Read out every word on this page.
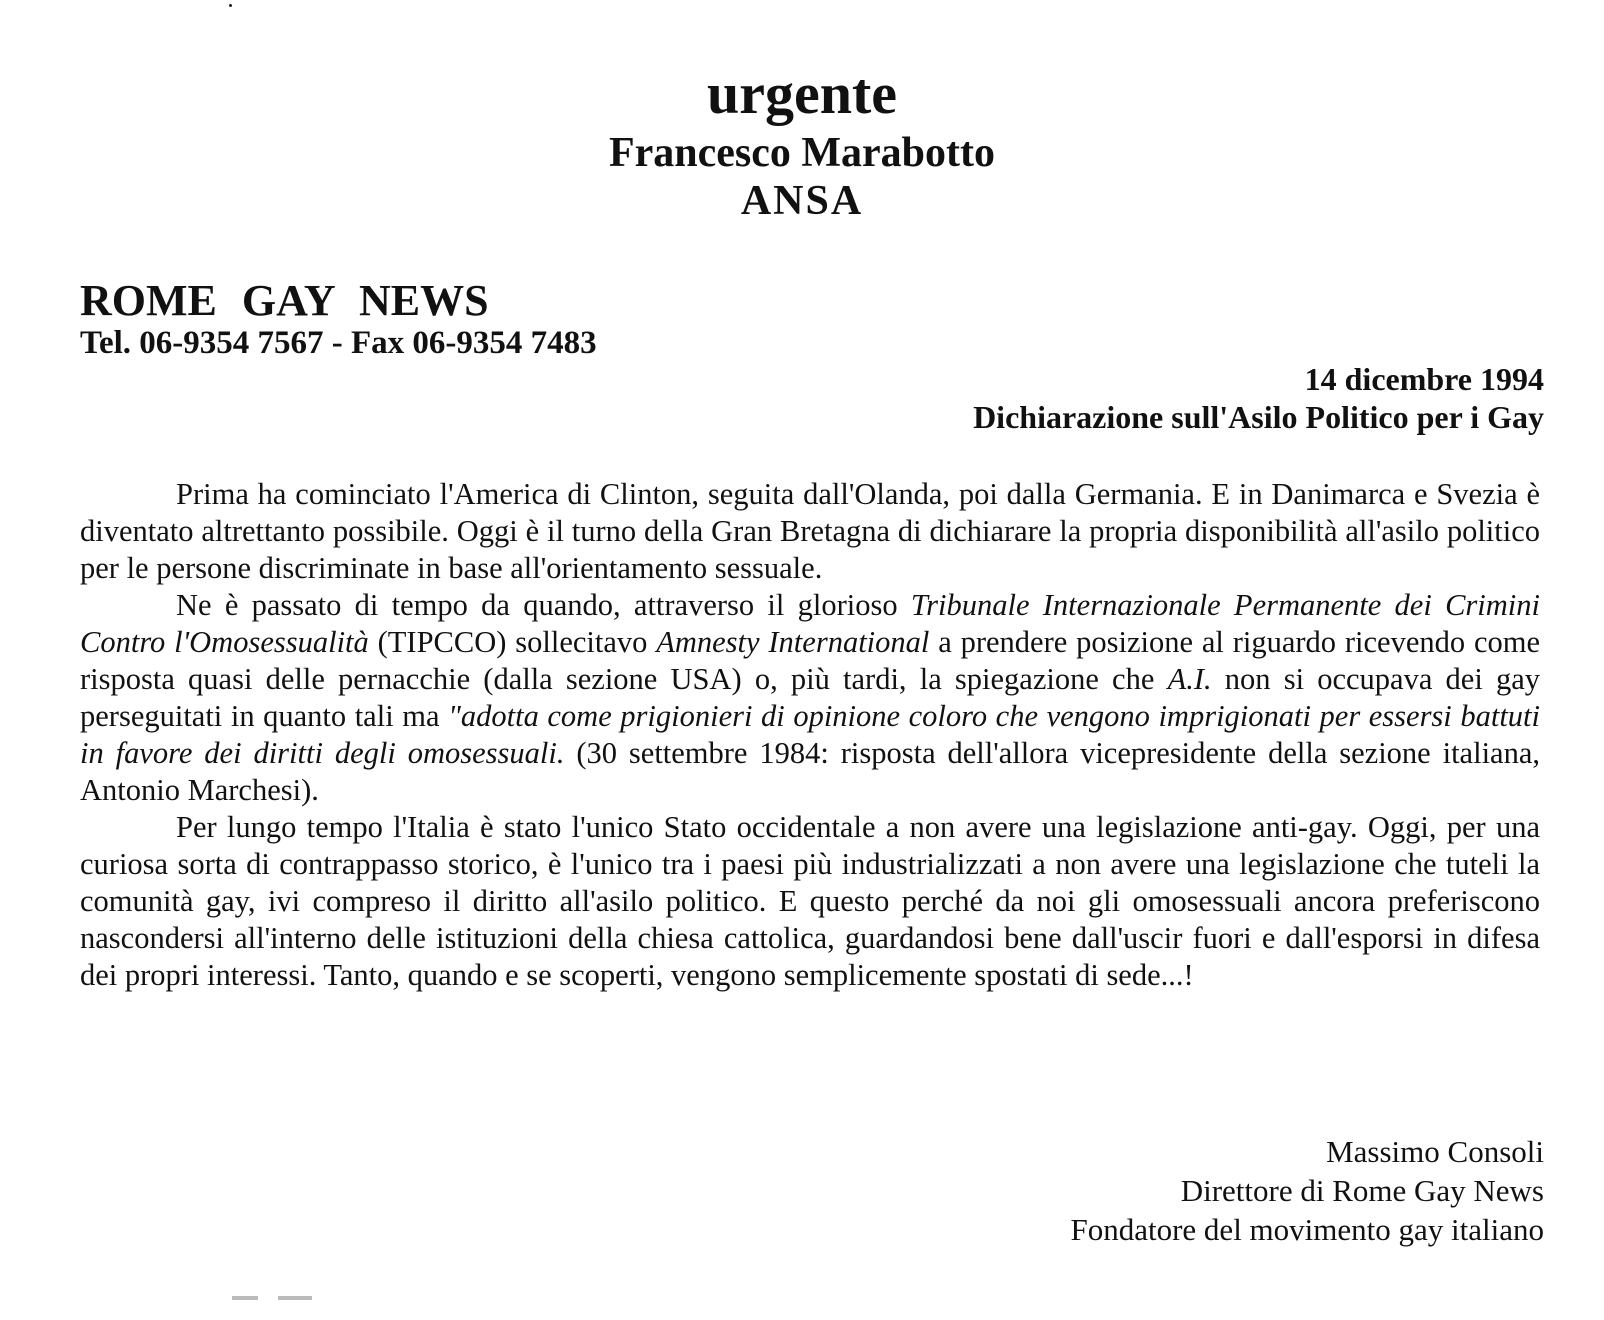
urgente
Francesco Marabotto
ANSA
ROME GAY NEWS
Tel. 06-9354 7567 - Fax 06-9354 7483
14 dicembre 1994
Dichiarazione sull'Asilo Politico per i Gay

Prima ha cominciato l'America di Clinton, seguita dall'Olanda, poi dalla Germania. E in Danimarca e Svezia è diventato altrettanto possibile. Oggi è il turno della Gran Bretagna di dichiarare la propria disponibilità all'asilo politico per le persone discriminate in base all'orientamento sessuale.

Ne è passato di tempo da quando, attraverso il glorioso Tribunale Internazionale Permanente dei Crimini Contro l'Omosessualità (TIPCCO) sollecitavo Amnesty International a prendere posizione al riguardo ricevendo come risposta quasi delle pernacchie (dalla sezione USA) o, più tardi, la spiegazione che A.I. non si occupava dei gay perseguitati in quanto tali ma "adotta come prigionieri di opinione coloro che vengono imprigionati per essersi battuti in favore dei diritti degli omosessuali. (30 settembre 1984: risposta dell'allora vicepresidente della sezione italiana, Antonio Marchesi).

Per lungo tempo l'Italia è stato l'unico Stato occidentale a non avere una legislazione anti-gay. Oggi, per una curiosa sorta di contrappasso storico, è l'unico tra i paesi più industrializzati a non avere una legislazione che tuteli la comunità gay, ivi compreso il diritto all'asilo politico. E questo perché da noi gli omosessuali ancora preferiscono nascondersi all'interno delle istituzioni della chiesa cattolica, guardandosi bene dall'uscir fuori e dall'esporsi in difesa dei propri interessi. Tanto, quando e se scoperti, vengono semplicemente spostati di sede...!

Massimo Consoli
Direttore di Rome Gay News
Fondatore del movimento gay italiano
